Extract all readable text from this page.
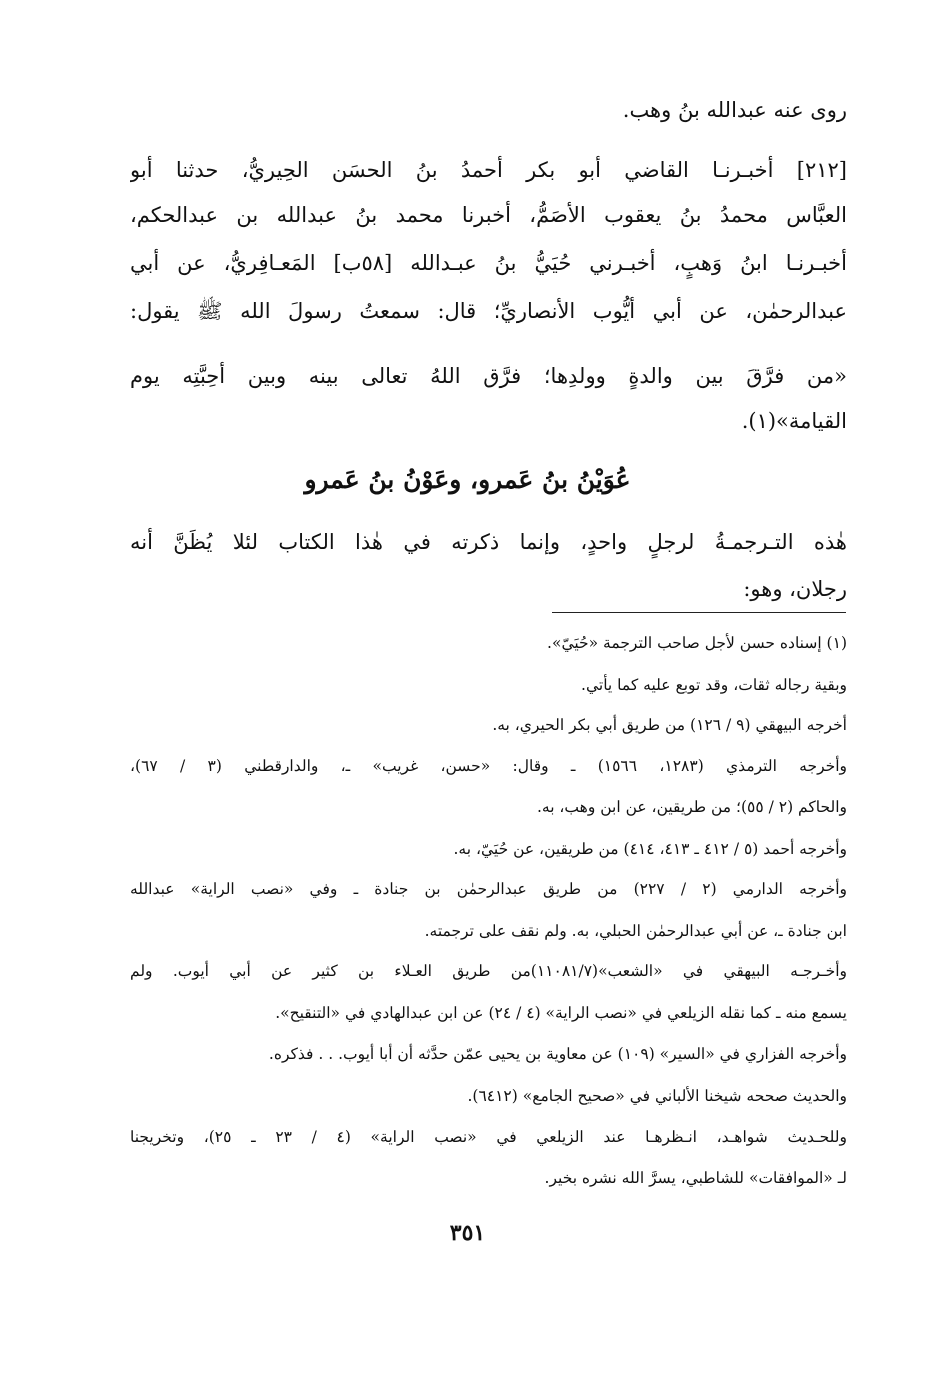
روى عنه عبدالله بنُ وهب.

[٢١٢] أخبـرنـا القاضي أبو بكر أحمدُ بنُ الحسَن الحِيريُّ، حدثنا أبو

العبَّاس محمدُ بنُ يعقوب الأصَمُّ، أخبرنا محمد بنُ عبدالله بن عبدالحكم،

أخبـرنـا ابنُ وَهبٍ، أخبـرني حُيَيُّ بنُ عبـدالله [٥٨ب] المَعـافِريُّ، عن أبي

عبدالرحمٰن، عن أبي أيُّوب الأنصاريِّ؛ قال: سمعتُ رسولَ الله ﷺ يقول:

«من فرَّقَ بين والدةٍ وولدِها؛ فرَّق اللهُ تعالى بينه وبين أحِبَّتِه يوم

القيامة»(١).

عُوَيْنُ بنُ عَمرو، وعَوْنُ بنُ عَمرو

هٰذه التـرجمـةُ لرجلٍ واحدٍ، وإنما ذكرته في هٰذا الكتاب لئلا يُظَنَّ أنه

رجلان، وهو:

(١) إسناده حسن لأجل صاحب الترجمة «حُيَيّ».

وبقية رجاله ثقات، وقد توبع عليه كما يأتي.

أخرجه البيهقي (٩ / ١٢٦) من طريق أبي بكر الحيري، به.

وأخرجه الترمذي (١٢٨٣، ١٥٦٦) ـ وقال: «حسن، غريب» ـ، والدارقطني (٣ / ٦٧)،

والحاكم (٢ / ٥٥)؛ من طريقين، عن ابن وهب، به.

وأخرجه أحمد (٥ / ٤١٢ ـ ٤١٣، ٤١٤) من طريقين، عن حُيَيّ، به.

وأخرجه الدارمي (٢ / ٢٢٧) من طريق عبدالرحمٰن بن جنادة ـ وفي «نصب الراية» عبدالله

ابن جنادة ـ، عن أبي عبدالرحمٰن الحبلي، به. ولم نقف على ترجمته.

وأخـرجـه البيهقي في «الشعب»(١١٠٨١/٧)من طريق العـلاء بن كثير عن أبي أيوب. ولم

يسمع منه ـ كما نقله الزيلعي في «نصب الراية» (٤ / ٢٤) عن ابن عبدالهادي في «التنقيح».

وأخرجه الفزاري في «السير» (١٠٩) عن معاوية بن يحيى عمّن حدَّثه أن أبا أيوب. . . فذكره.

والحديث صححه شيخنا الألباني في «صحيح الجامع» (٦٤١٢).

وللحـديث شواهـد، انـظرهـا عند الزيلعي في «نصب الراية» (٤ / ٢٣ ـ ٢٥)، وتخريجنا

لـ «الموافقات» للشاطبي، يسرَّ الله نشره بخير.

٣٥١
